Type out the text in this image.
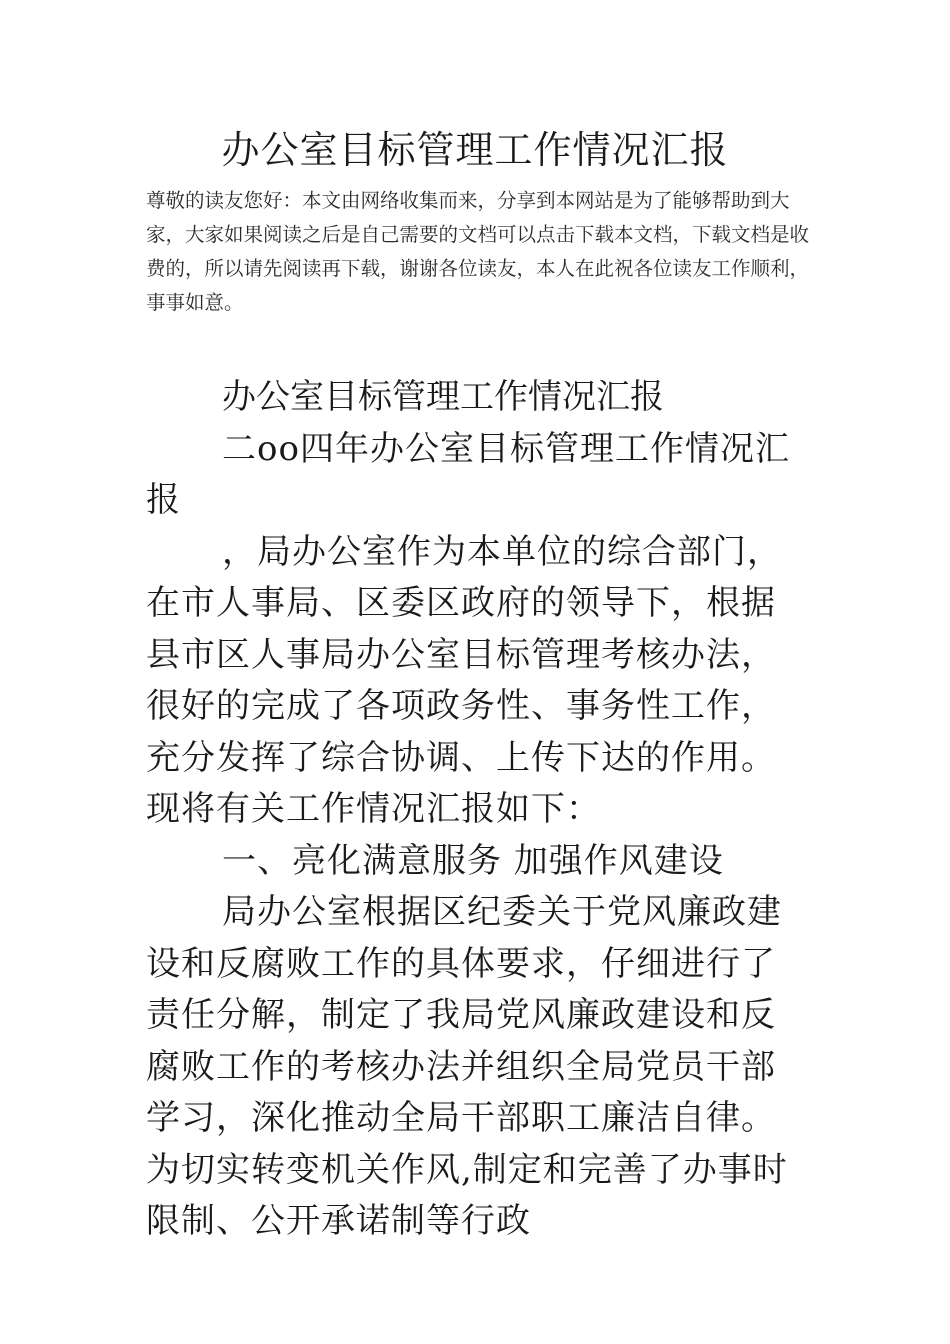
办公室目标管理工作情况汇报

尊敬的读友您好：本文由网络收集而来，分享到本网站是为了能够帮助到大家，大家如果阅读之后是自己需要的文档可以点击下载本文档，下载文档是收费的，所以请先阅读再下载，谢谢各位读友，本人在此祝各位读友工作顺利，事事如意。

办公室目标管理工作情况汇报

二oo四年办公室目标管理工作情况汇报

，局办公室作为本单位的综合部门，在市人事局、区委区政府的领导下，根据县市区人事局办公室目标管理考核办法，很好的完成了各项政务性、事务性工作，充分发挥了综合协调、上传下达的作用。现将有关工作情况汇报如下：

一、亮化满意服务 加强作风建设

局办公室根据区纪委关于党风廉政建设和反腐败工作的具体要求，仔细进行了责任分解，制定了我局党风廉政建设和反腐败工作的考核办法并组织全局党员干部学习，深化推动全局干部职工廉洁自律。为切实转变机关作风,制定和完善了办事时限制、公开承诺制等行政
